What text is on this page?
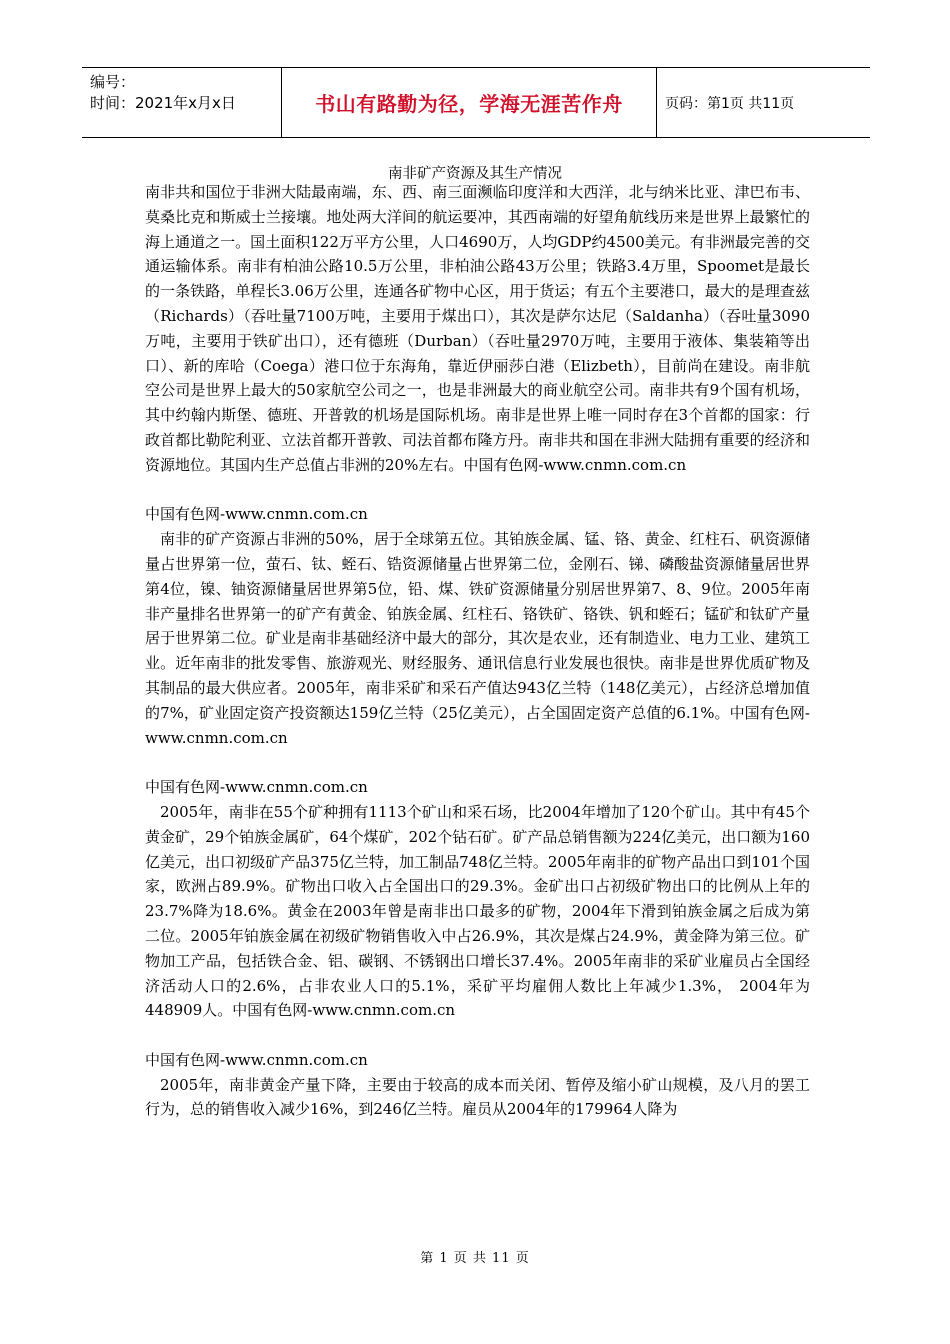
编号：
时间：2021年x月x日	书山有路勤为径，学海无涯苦作舟	页码：第1页 共11页
南非矿产资源及其生产情况

南非共和国位于非洲大陆最南端，东、西、南三面濒临印度洋和大西洋，北与纳米比亚、津巴布韦、莫桑比克和斯威士兰接壤。地处两大洋间的航运要冲，其西南端的好望角航线历来是世界上最繁忙的海上通道之一。国土面积122万平方公里，人口4690万，人均GDP约4500美元。有非洲最完善的交通运输体系。南非有柏油公路10.5万公里，非柏油公路43万公里；铁路3.4万里，Spoomet是最长的一条铁路，单程长3.06万公里，连通各矿物中心区，用于货运；有五个主要港口，最大的是理查兹（Richards）（吞吐量7100万吨，主要用于煤出口），其次是萨尔达尼（Saldanha）（吞吐量3090万吨，主要用于铁矿出口），还有德班（Durban）（吞吐量2970万吨，主要用于液体、集装箱等出口）、新的库哈（Coega）港口位于东海角，靠近伊丽莎白港（Elizbeth），目前尚在建设。南非航空公司是世界上最大的50家航空公司之一，也是非洲最大的商业航空公司。南非共有9个国有机场，其中约翰内斯堡、德班、开普敦的机场是国际机场。南非是世界上唯一同时存在3个首都的国家：行政首都比勒陀利亚、立法首都开普敦、司法首都布隆方丹。南非共和国在非洲大陆拥有重要的经济和资源地位。其国内生产总值占非洲的20%左右。中国有色网-www.cnmn.com.cn

中国有色网-www.cnmn.com.cn

南非的矿产资源占非洲的50%，居于全球第五位。其铂族金属、锰、铬、黄金、红柱石、矾资源储量占世界第一位，萤石、钛、蛭石、锆资源储量占世界第二位，金刚石、锑、磷酸盐资源储量居世界第4位，镍、铀资源储量居世界第5位，铅、煤、铁矿资源储量分别居世界第7、8、9位。2005年南非产量排名世界第一的矿产有黄金、铂族金属、红柱石、铬铁矿、铬铁、钒和蛭石；锰矿和钛矿产量居于世界第二位。矿业是南非基础经济中最大的部分，其次是农业，还有制造业、电力工业、建筑工业。近年南非的批发零售、旅游观光、财经服务、通讯信息行业发展也很快。南非是世界优质矿物及其制品的最大供应者。2005年，南非采矿和采石产值达943亿兰特（148亿美元），占经济总增加值的7%，矿业固定资产投资额达159亿兰特（25亿美元），占全国固定资产总值的6.1%。中国有色网-www.cnmn.com.cn

中国有色网-www.cnmn.com.cn

2005年，南非在55个矿种拥有1113个矿山和采石场，比2004年增加了120个矿山。其中有45个黄金矿，29个铂族金属矿，64个煤矿，202个钻石矿。矿产品总销售额为224亿美元，出口额为160亿美元，出口初级矿产品375亿兰特，加工制品748亿兰特。2005年南非的矿物产品出口到101个国家，欧洲占89.9%。矿物出口收入占全国出口的29.3%。金矿出口占初级矿物出口的比例从上年的23.7%降为18.6%。黄金在2003年曾是南非出口最多的矿物，2004年下滑到铂族金属之后成为第二位。2005年铂族金属在初级矿物销售收入中占26.9%，其次是煤占24.9%，黄金降为第三位。矿物加工产品，包括铁合金、铝、碳钢、不锈钢出口增长37.4%。2005年南非的采矿业雇员占全国经济活动人口的2.6%，占非农业人口的5.1%，采矿平均雇佣人数比上年减少1.3%， 2004年为448909人。中国有色网-www.cnmn.com.cn

中国有色网-www.cnmn.com.cn

2005年，南非黄金产量下降，主要由于较高的成本而关闭、暂停及缩小矿山规模，及八月的罢工行为，总的销售收入减少16%，到246亿兰特。雇员从2004年的179964人降为

第 1 页 共 11 页
